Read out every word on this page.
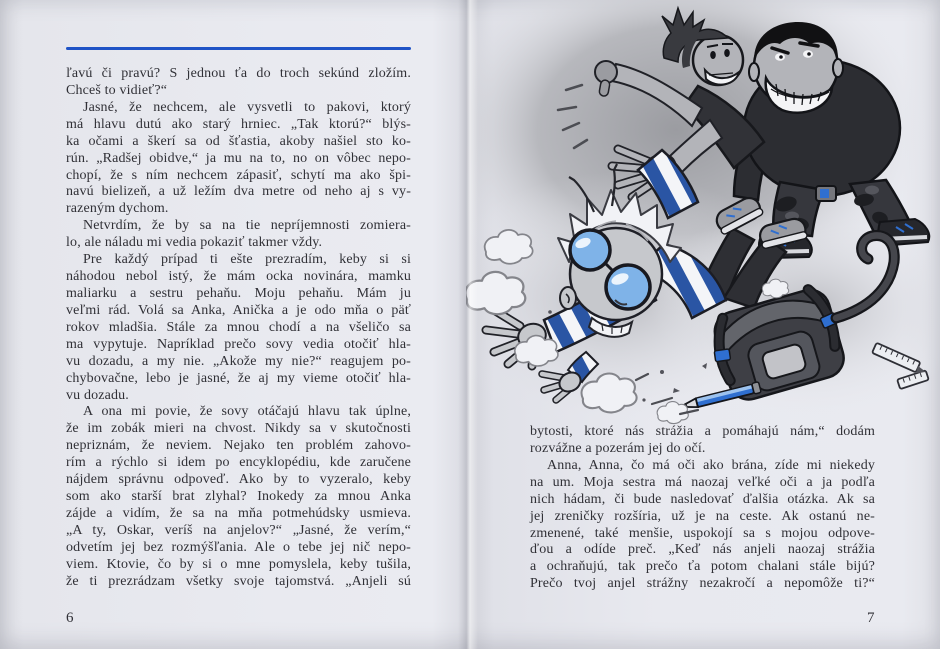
ľavú či pravú? S jednou ťa do troch sekúnd zložím.
Chceš to vidieť?“
Jasné, že nechcem, ale vysvetli to pakovi, ktorý
má hlavu dutú ako starý hrniec. „Tak ktorú?“ blýs-
ka očami a škerí sa od šťastia, akoby našiel sto ko-
rún. „Radšej obidve,“ ja mu na to, no on vôbec nepo-
chopí, že s ním nechcem zápasiť, schytí ma ako špi-
navú bielizeň, a už ležím dva metre od neho aj s vy-
razeným dychom.
Netvrdím, že by sa na tie nepríjemnosti zomiera-
lo, ale náladu mi vedia pokaziť takmer vždy.
Pre každý prípad ti ešte prezradím, keby si si
náhodou nebol istý, že mám ocka novinára, mamku
maliarku a sestru pehaňu. Moju pehaňu. Mám ju
veľmi rád. Volá sa Anka, Anička a je odo mňa o päť
rokov mladšia. Stále za mnou chodí a na všeličo sa
ma vypytuje. Napríklad prečo sovy vedia otočiť hla-
vu dozadu, a my nie. „Akože my nie?“ reagujem po-
chybovačne, lebo je jasné, že aj my vieme otočiť hla-
vu dozadu.
A ona mi povie, že sovy otáčajú hlavu tak úplne,
že im zobák mieri na chvost. Nikdy sa v skutočnosti
nepriznám, že neviem. Nejako ten problém zahovo-
rím a rýchlo si idem po encyklopédiu, kde zaručene
nájdem správnu odpoveď. Ako by to vyzeralo, keby
som ako starší brat zlyhal? Inokedy za mnou Anka
zájde a vidím, že sa na mňa potmehúdsky usmieva.
„A ty, Oskar, veríš na anjelov?“ „Jasné, že verím,“
odvetím jej bez rozmýšľania. Ale o tebe jej nič nepo-
viem. Ktovie, čo by si o mne pomyslela, keby tušila,
že ti prezrádzam všetky svoje tajomstvá. „Anjeli sú
6
bytosti, ktoré nás strážia a pomáhajú nám,“ dodám
rozvážne a pozerám jej do očí.
Anna, Anna, čo má oči ako brána, zíde mi niekedy
na um. Moja sestra má naozaj veľké oči a ja podľa
nich hádam, či bude nasledovať ďalšia otázka. Ak sa
jej zreničky rozšíria, už je na ceste. Ak ostanú ne-
zmenené, také menšie, uspokojí sa s mojou odpove-
ďou a odíde preč. „Keď nás anjeli naozaj strážia
a ochraňujú, tak prečo ťa potom chalani stále bijú?
Prečo tvoj anjel strážny nezakročí a nepomôže ti?“
7
